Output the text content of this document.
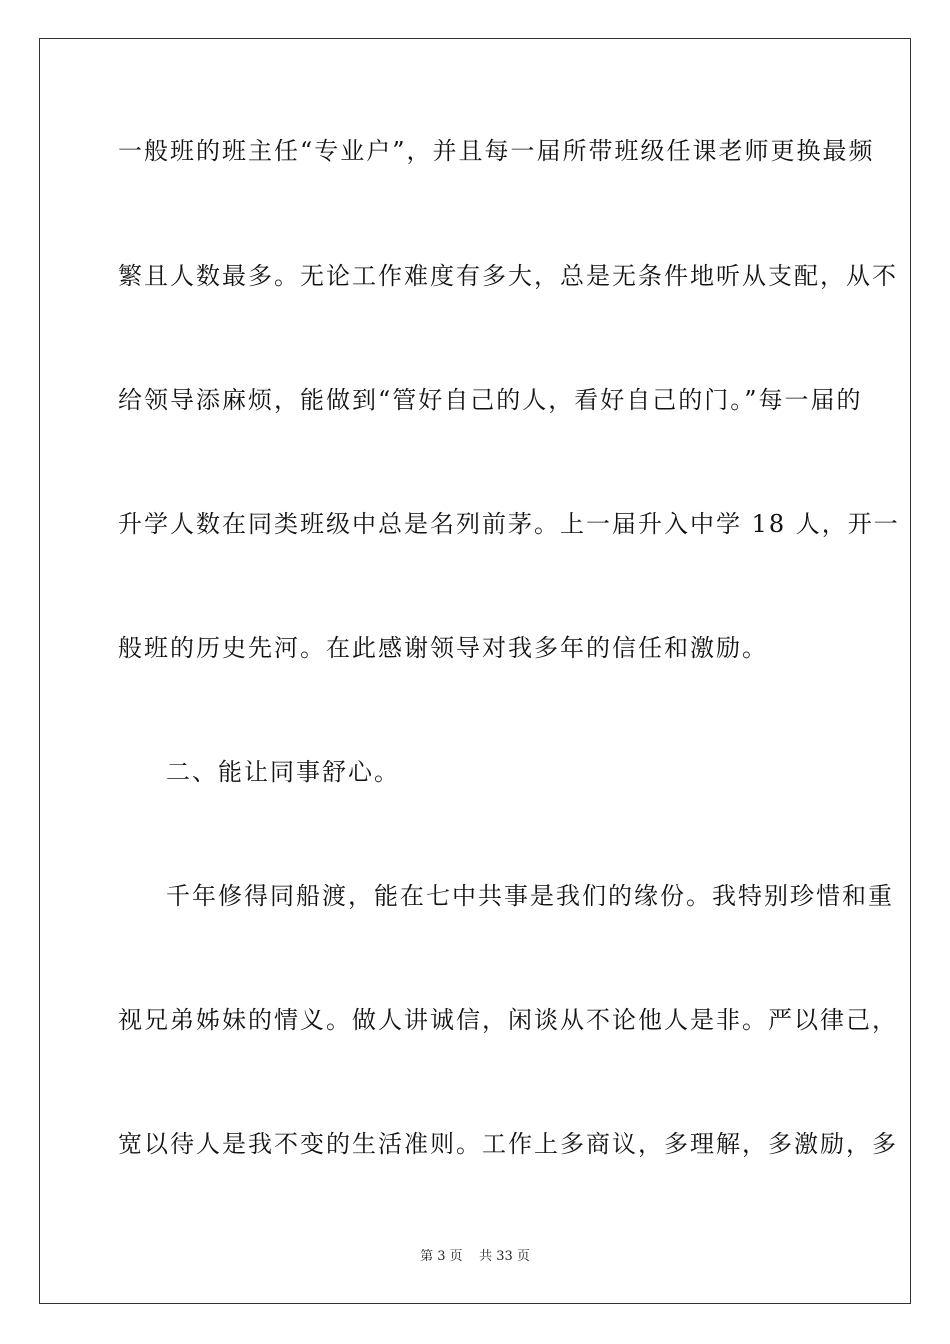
一般班的班主任“专业户”，并且每一届所带班级任课老师更换最频
繁且人数最多。无论工作难度有多大，总是无条件地听从支配，从不
给领导添麻烦，能做到“管好自己的人，看好自己的门。”每一届的
升学人数在同类班级中总是名列前茅。上一届升入中学 18 人，开一
般班的历史先河。在此感谢领导对我多年的信任和激励。
二、能让同事舒心。
千年修得同船渡，能在七中共事是我们的缘份。我特别珍惜和重
视兄弟姊妹的情义。做人讲诚信，闲谈从不论他人是非。严以律己，
宽以待人是我不变的生活准则。工作上多商议，多理解，多激励，多
第 3 页    共 33 页
